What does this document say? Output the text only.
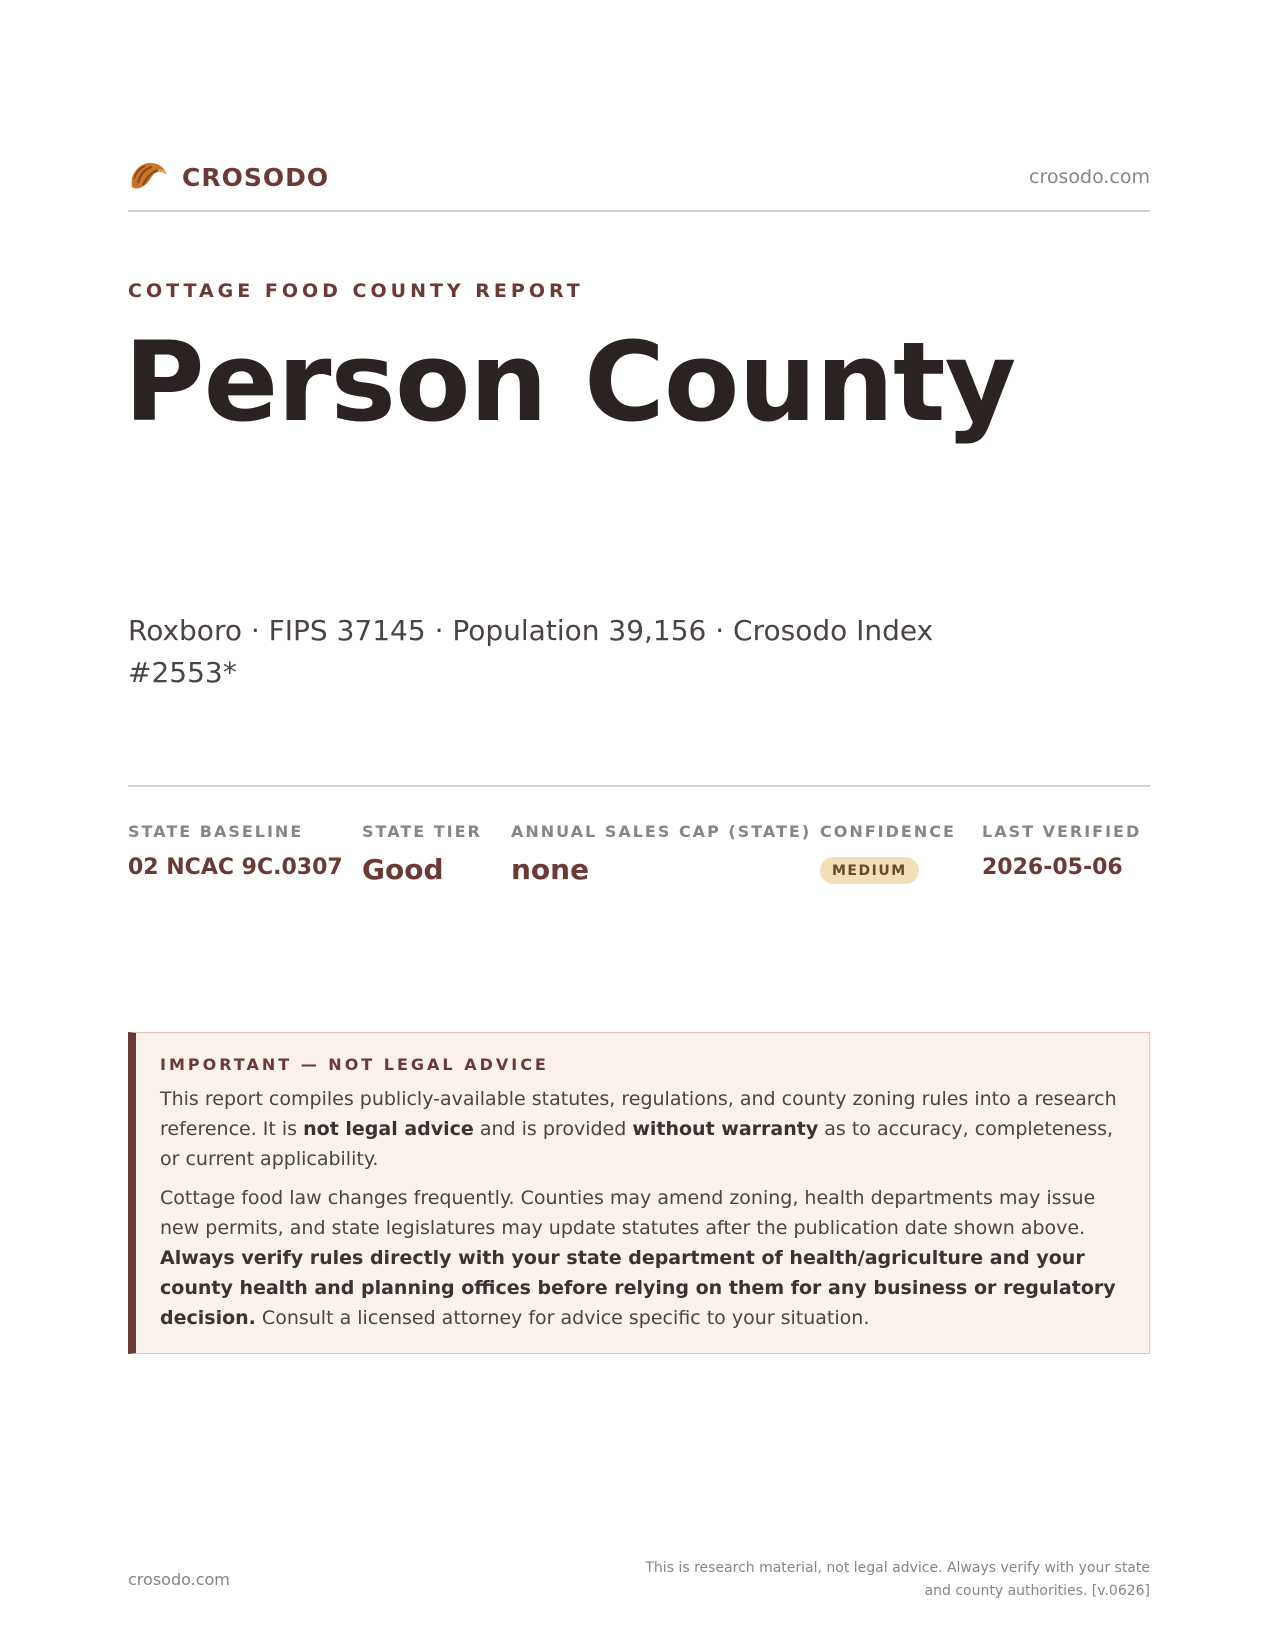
CROSODO	crosodo.com
COTTAGE FOOD COUNTY REPORT
Person County
Roxboro · FIPS 37145 · Population 39,156 · Crosodo Index #2553*
STATE BASELINE
02 NCAC 9C.0307
STATE TIER
Good
ANNUAL SALES CAP (STATE)
none
CONFIDENCE
MEDIUM
LAST VERIFIED
2026-05-06
IMPORTANT — NOT LEGAL ADVICE
This report compiles publicly-available statutes, regulations, and county zoning rules into a research reference. It is not legal advice and is provided without warranty as to accuracy, completeness, or current applicability.
Cottage food law changes frequently. Counties may amend zoning, health departments may issue new permits, and state legislatures may update statutes after the publication date shown above. Always verify rules directly with your state department of health/agriculture and your county health and planning offices before relying on them for any business or regulatory decision. Consult a licensed attorney for advice specific to your situation.
crosodo.com
This is research material, not legal advice. Always verify with your state
and county authorities. [v.0626]
